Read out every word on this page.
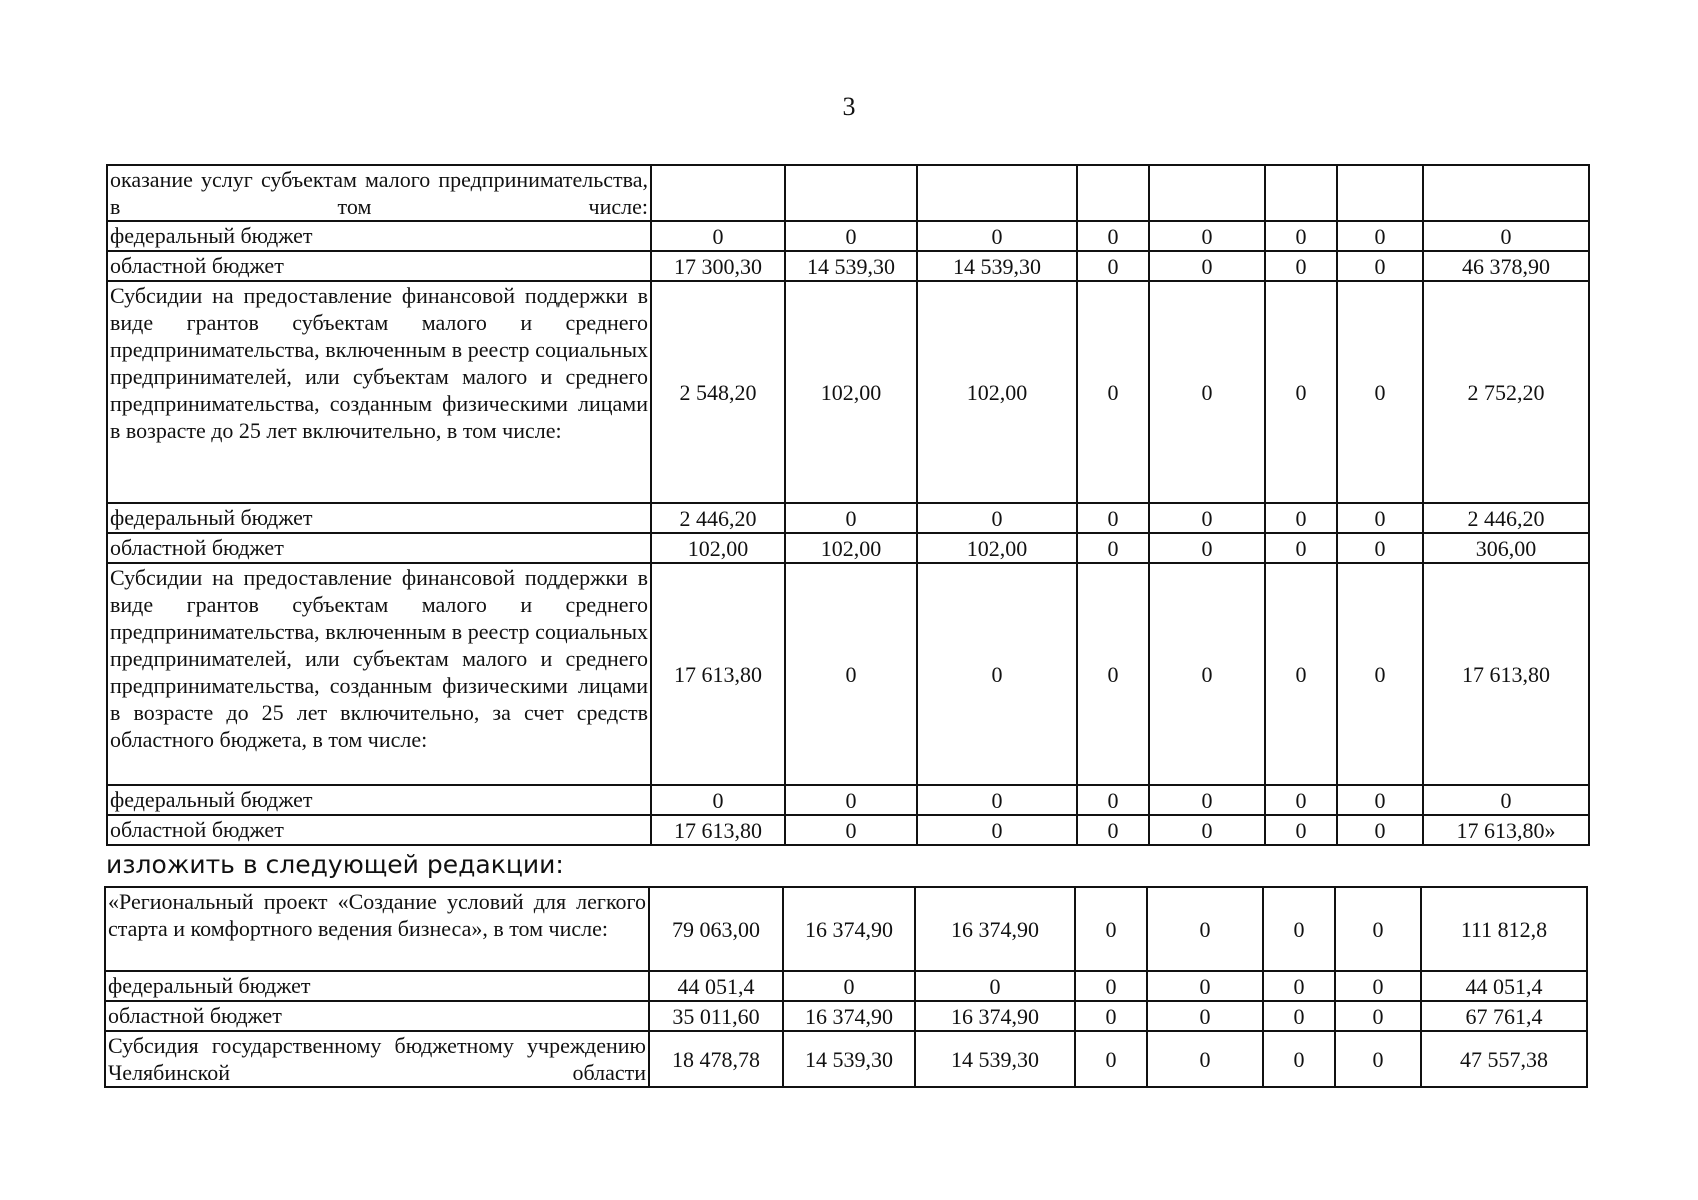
3
оказание услуг субъектам малого предпринимательства, в том числе:								
федеральный бюджет	0	0	0	0	0	0	0	0
областной бюджет	17 300,30	14 539,30	14 539,30	0	0	0	0	46 378,90
Субсидии на предоставление финансовой поддержки в виде грантов субъектам малого и среднего предпринимательства, включенным в реестр социальных предпринимателей, или субъектам малого и среднего предпринимательства, созданным физическими лицами в возрасте до 25 лет включительно, в том числе:	2 548,20	102,00	102,00	0	0	0	0	2 752,20
федеральный бюджет	2 446,20	0	0	0	0	0	0	2 446,20
областной бюджет	102,00	102,00	102,00	0	0	0	0	306,00
Субсидии на предоставление финансовой поддержки в виде грантов субъектам малого и среднего предпринимательства, включенным в реестр социальных предпринимателей, или субъектам малого и среднего предпринимательства, созданным физическими лицами в возрасте до 25 лет включительно, за счет средств областного бюджета, в том числе:	17 613,80	0	0	0	0	0	0	17 613,80
федеральный бюджет	0	0	0	0	0	0	0	0
областной бюджет	17 613,80	0	0	0	0	0	0	17 613,80»
изложить в следующей редакции:
«Региональный проект «Создание условий для легкого старта и комфортного ведения бизнеса», в том числе:	79 063,00	16 374,90	16 374,90	0	0	0	0	111 812,8
федеральный бюджет	44 051,4	0	0	0	0	0	0	44 051,4
областной бюджет	35 011,60	16 374,90	16 374,90	0	0	0	0	67 761,4
Субсидия государственному бюджетному учреждению Челябинской области	18 478,78	14 539,30	14 539,30	0	0	0	0	47 557,38
